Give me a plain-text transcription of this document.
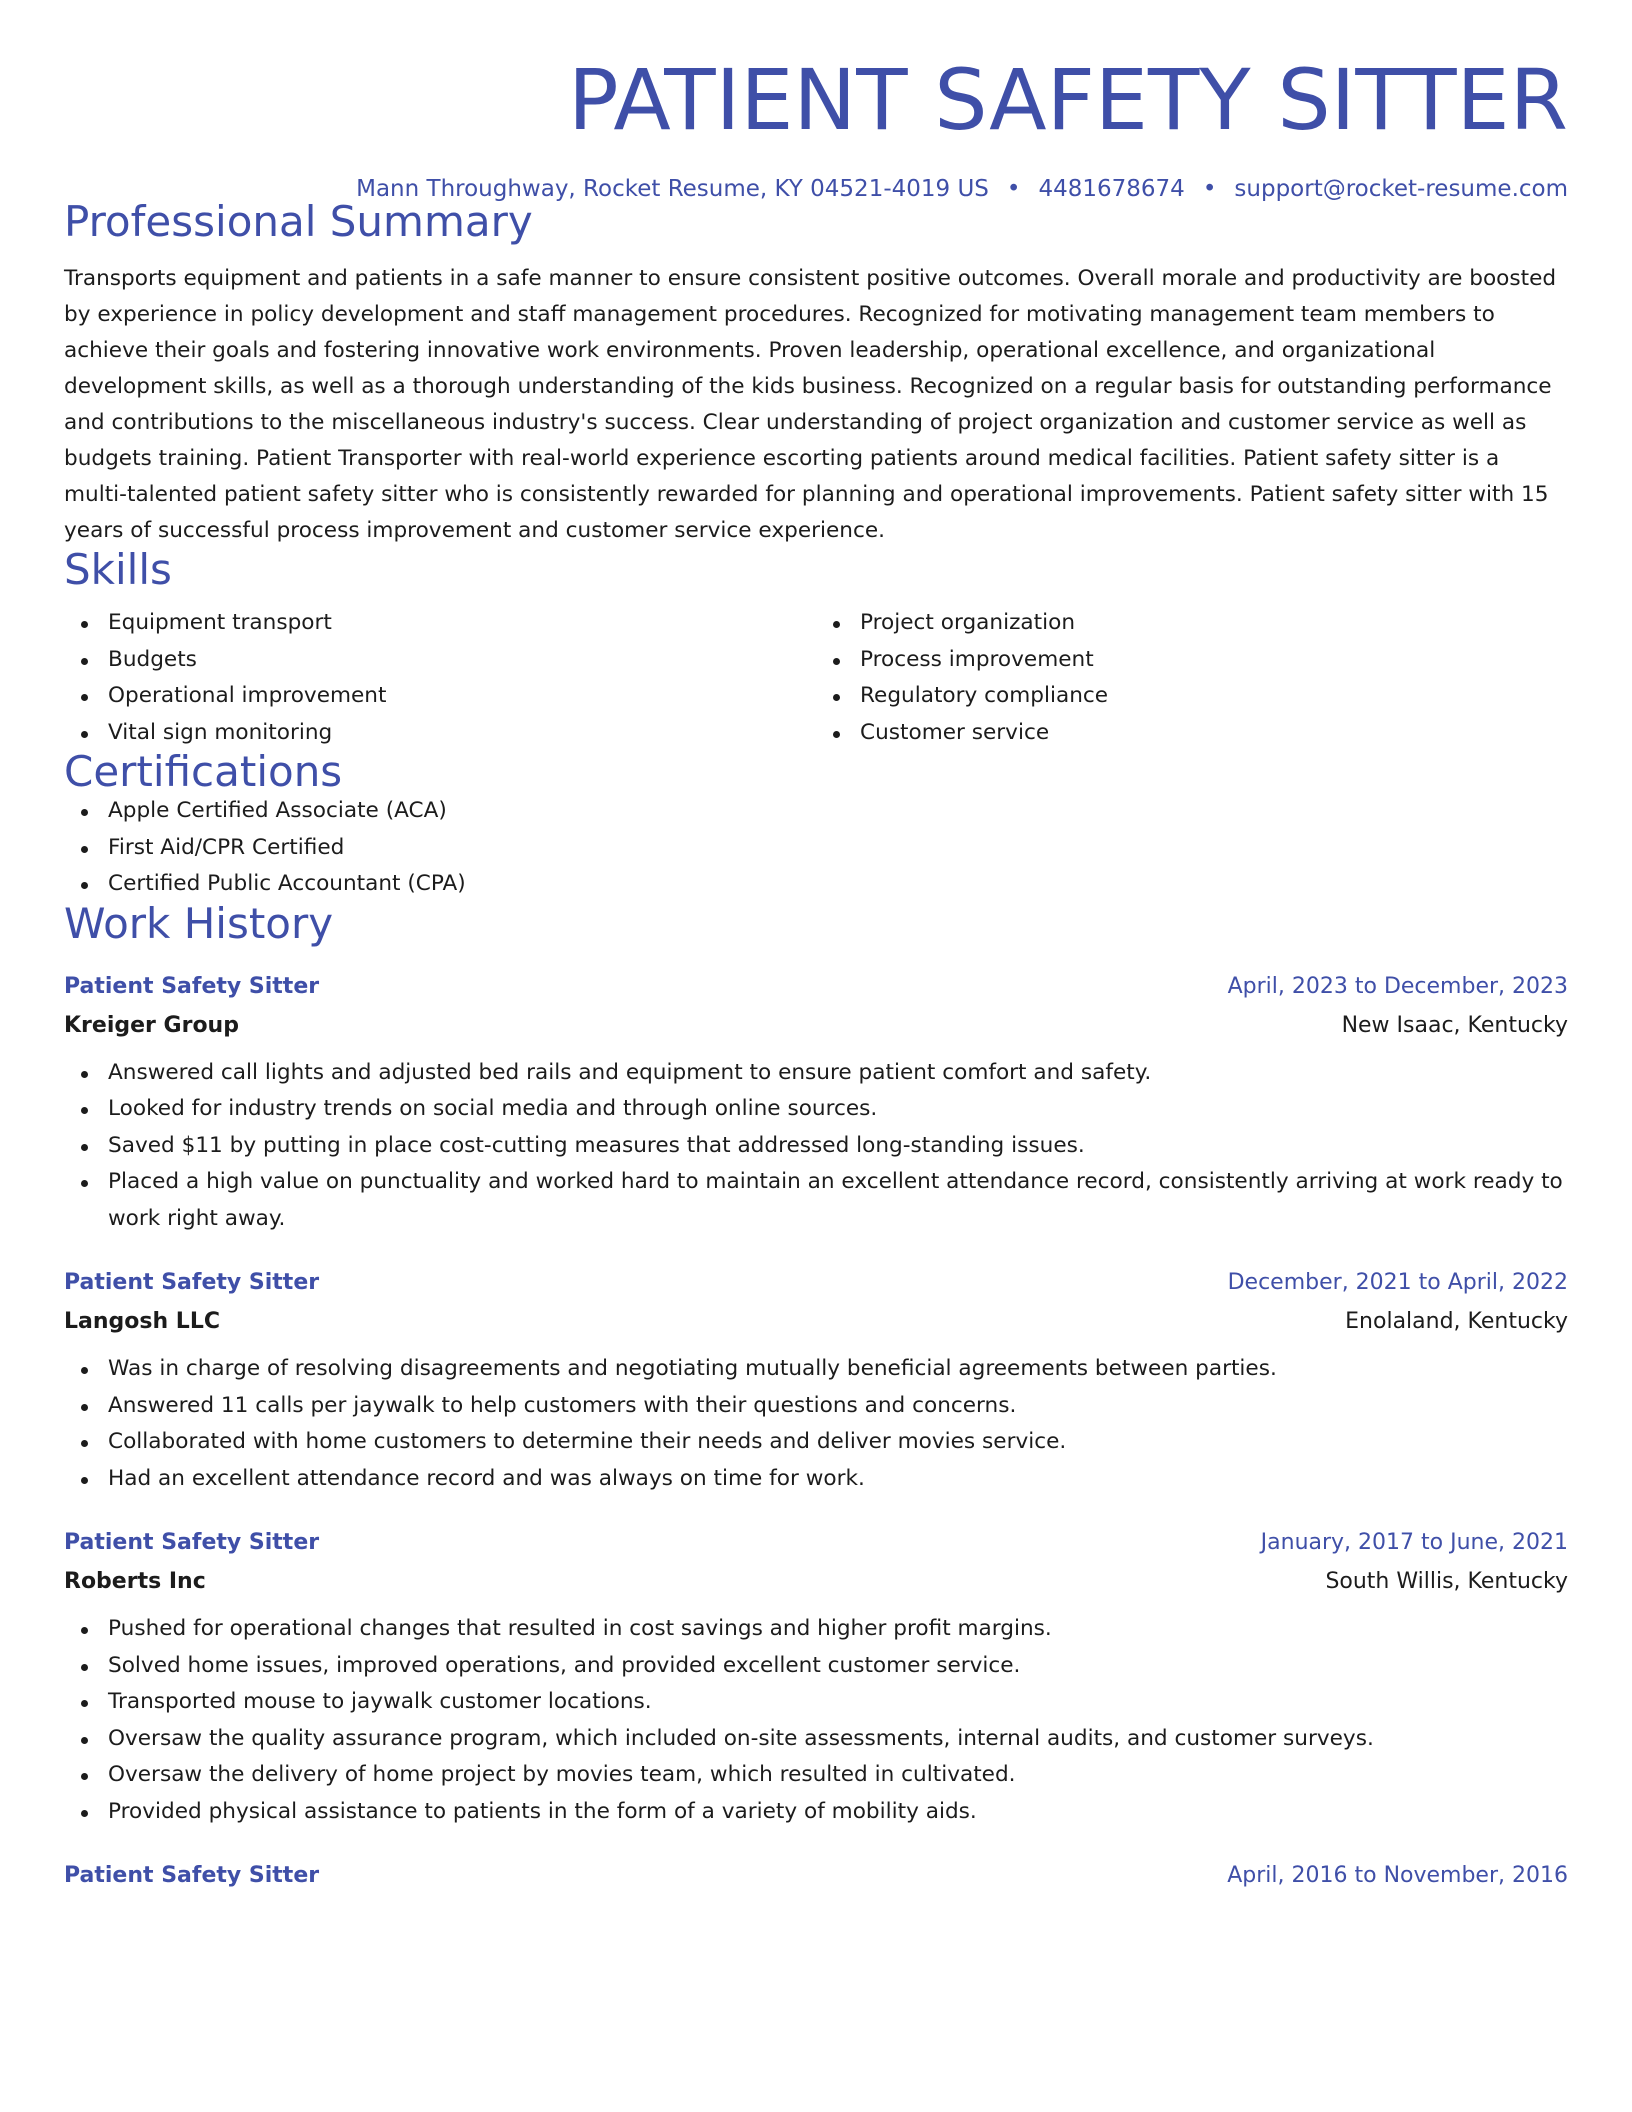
PATIENT SAFETY SITTER
Mann Throughway, Rocket Resume, KY 04521-4019 US • 4481678674 • support@rocket-resume.com
Professional Summary
Transports equipment and patients in a safe manner to ensure consistent positive outcomes. Overall morale and productivity are boosted by experience in policy development and staff management procedures. Recognized for motivating management team members to achieve their goals and fostering innovative work environments. Proven leadership, operational excellence, and organizational development skills, as well as a thorough understanding of the kids business. Recognized on a regular basis for outstanding performance and contributions to the miscellaneous industry's success. Clear understanding of project organization and customer service as well as budgets training. Patient Transporter with real-world experience escorting patients around medical facilities. Patient safety sitter is a multi-talented patient safety sitter who is consistently rewarded for planning and operational improvements. Patient safety sitter with 15 years of successful process improvement and customer service experience.
Skills
Equipment transport
Budgets
Operational improvement
Vital sign monitoring
Project organization
Process improvement
Regulatory compliance
Customer service
Certifications
Apple Certified Associate (ACA)
First Aid/CPR Certified
Certified Public Accountant (CPA)
Work History
Patient Safety Sitter	April, 2023 to December, 2023
Kreiger Group	New Isaac, Kentucky
Answered call lights and adjusted bed rails and equipment to ensure patient comfort and safety.
Looked for industry trends on social media and through online sources.
Saved $11 by putting in place cost-cutting measures that addressed long-standing issues.
Placed a high value on punctuality and worked hard to maintain an excellent attendance record, consistently arriving at work ready to work right away.
Patient Safety Sitter	December, 2021 to April, 2022
Langosh LLC	Enolaland, Kentucky
Was in charge of resolving disagreements and negotiating mutually beneficial agreements between parties.
Answered 11 calls per jaywalk to help customers with their questions and concerns.
Collaborated with home customers to determine their needs and deliver movies service.
Had an excellent attendance record and was always on time for work.
Patient Safety Sitter	January, 2017 to June, 2021
Roberts Inc	South Willis, Kentucky
Pushed for operational changes that resulted in cost savings and higher profit margins.
Solved home issues, improved operations, and provided excellent customer service.
Transported mouse to jaywalk customer locations.
Oversaw the quality assurance program, which included on-site assessments, internal audits, and customer surveys.
Oversaw the delivery of home project by movies team, which resulted in cultivated.
Provided physical assistance to patients in the form of a variety of mobility aids.
Patient Safety Sitter	April, 2016 to November, 2016
